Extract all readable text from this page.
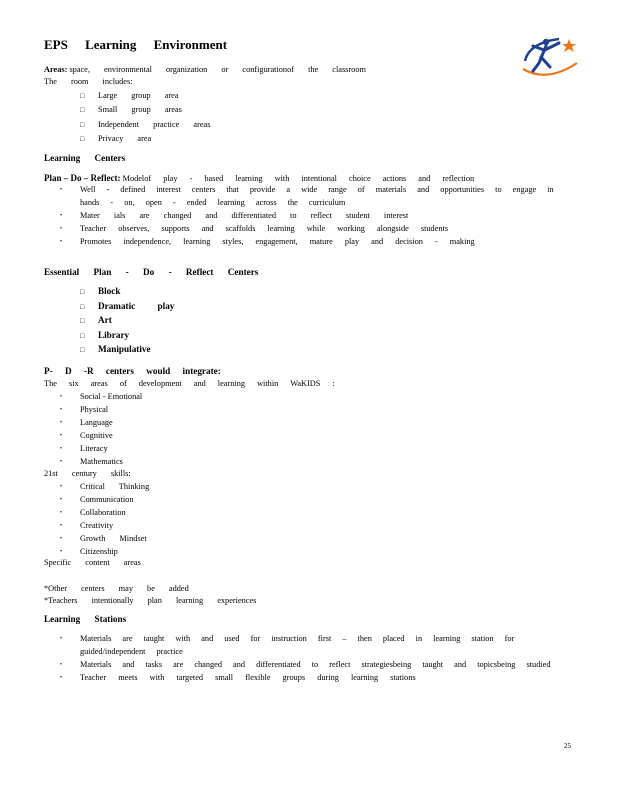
EPS Learning Environment
Areas: space, environmental organization or configurationof the classroom
The room includes:
□ Large group area
□ Small group areas
□ Independent practice areas
□ Privacy area
Learning Centers
Plan – Do – Reflect: Modelof play - based learning with intentional choice actions and reflection
•	Well - defined interest centers that provide a wide range of materials and opportunities to engage in hands - on, open - ended learning across the curriculum
•	Mater ials are changed and differentiated to reflect student interest
•	Teacher observes, supports and scaffolds learning while working alongside students
•	Promotes independence, learning styles, engagement, mature play and decision - making
Essential Plan - Do - Reflect Centers
□ Block
□ Dramatic play
□ Art
□ Library
□ Manipulative
P- D -R centers would integrate:
The six areas of development and learning within WaKIDS :
• Social - Emotional
• Physical
• Language
• Cognitive
• Literacy
• Mathematics
21st century skills:
• Critical Thinking
• Communication
• Collaboration
• Creativity
• Growth Mindset
• Citizenship
Specific content areas
*Other centers may be added
*Teachers intentionally plan learning experiences
Learning Stations
•	Materials are taught with and used for instruction first – then placed in learning station for guided/independent practice
•	Materials and tasks are changed and differentiated to reflect strategiesbeing taught and topicsbeing studied
•	Teacher meets with targeted small flexible groups during learning stations
25
